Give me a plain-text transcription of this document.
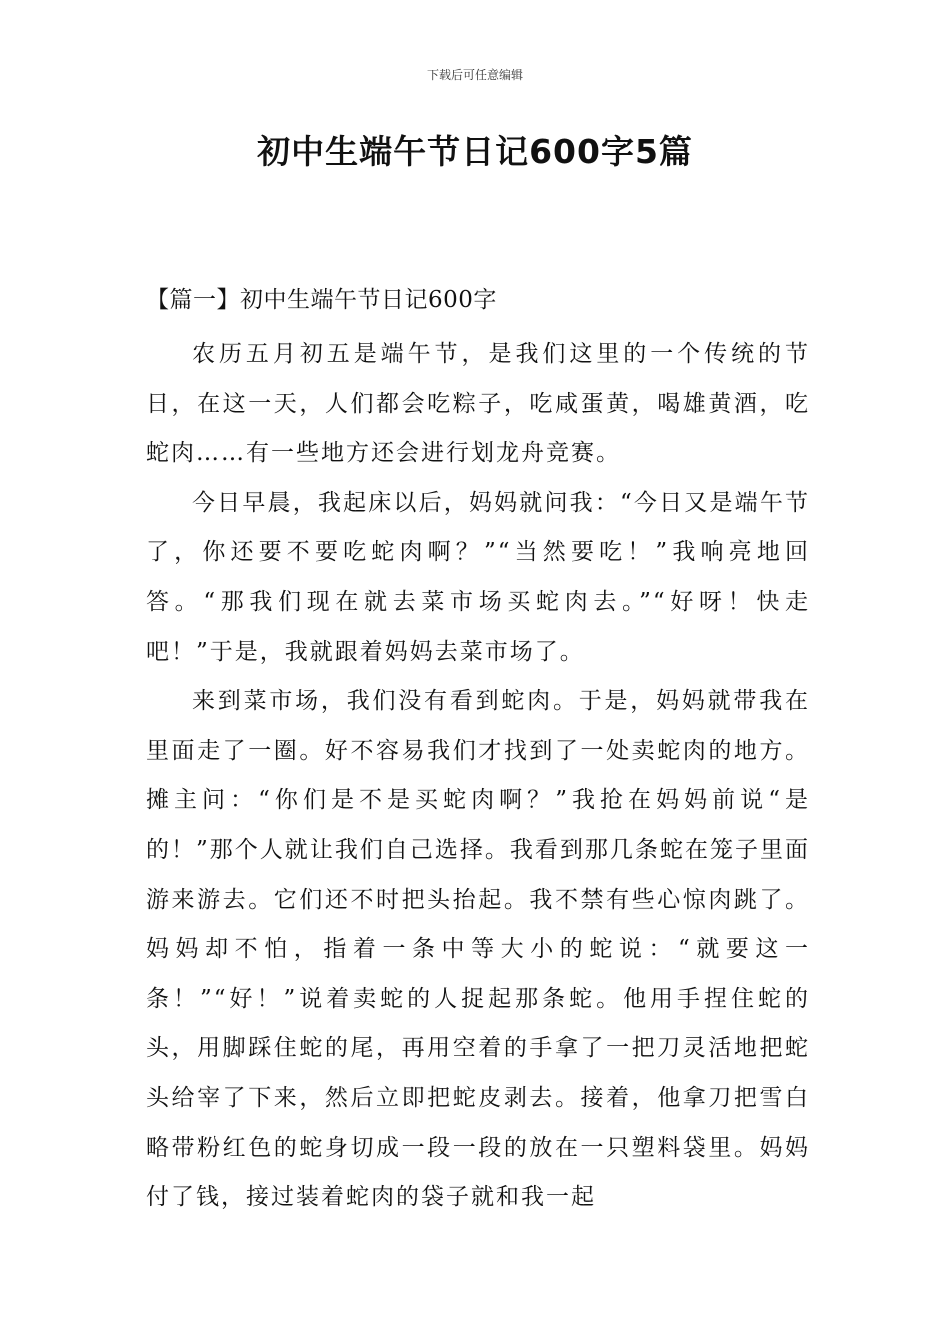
下载后可任意编辑
初中生端午节日记600字5篇

【篇一】初中生端午节日记600字

农历五月初五是端午节，是我们这里的一个传统的节日，在这一天，人们都会吃粽子，吃咸蛋黄，喝雄黄酒，吃蛇肉……有一些地方还会进行划龙舟竞赛。

今日早晨，我起床以后，妈妈就问我：“今日又是端午节了，你还要不要吃蛇肉啊？”“当然要吃！”我响亮地回答。“那我们现在就去菜市场买蛇肉去。”“好呀！快走吧！”于是，我就跟着妈妈去菜市场了。

来到菜市场，我们没有看到蛇肉。于是，妈妈就带我在里面走了一圈。好不容易我们才找到了一处卖蛇肉的地方。摊主问：“你们是不是买蛇肉啊？”我抢在妈妈前说“是的！”那个人就让我们自己选择。我看到那几条蛇在笼子里面游来游去。它们还不时把头抬起。我不禁有些心惊肉跳了。妈妈却不怕，指着一条中等大小的蛇说：“就要这一条！”“好！”说着卖蛇的人捉起那条蛇。他用手捏住蛇的头，用脚踩住蛇的尾，再用空着的手拿了一把刀灵活地把蛇头给宰了下来，然后立即把蛇皮剥去。接着，他拿刀把雪白略带粉红色的蛇身切成一段一段的放在一只塑料袋里。妈妈付了钱，接过装着蛇肉的袋子就和我一起
